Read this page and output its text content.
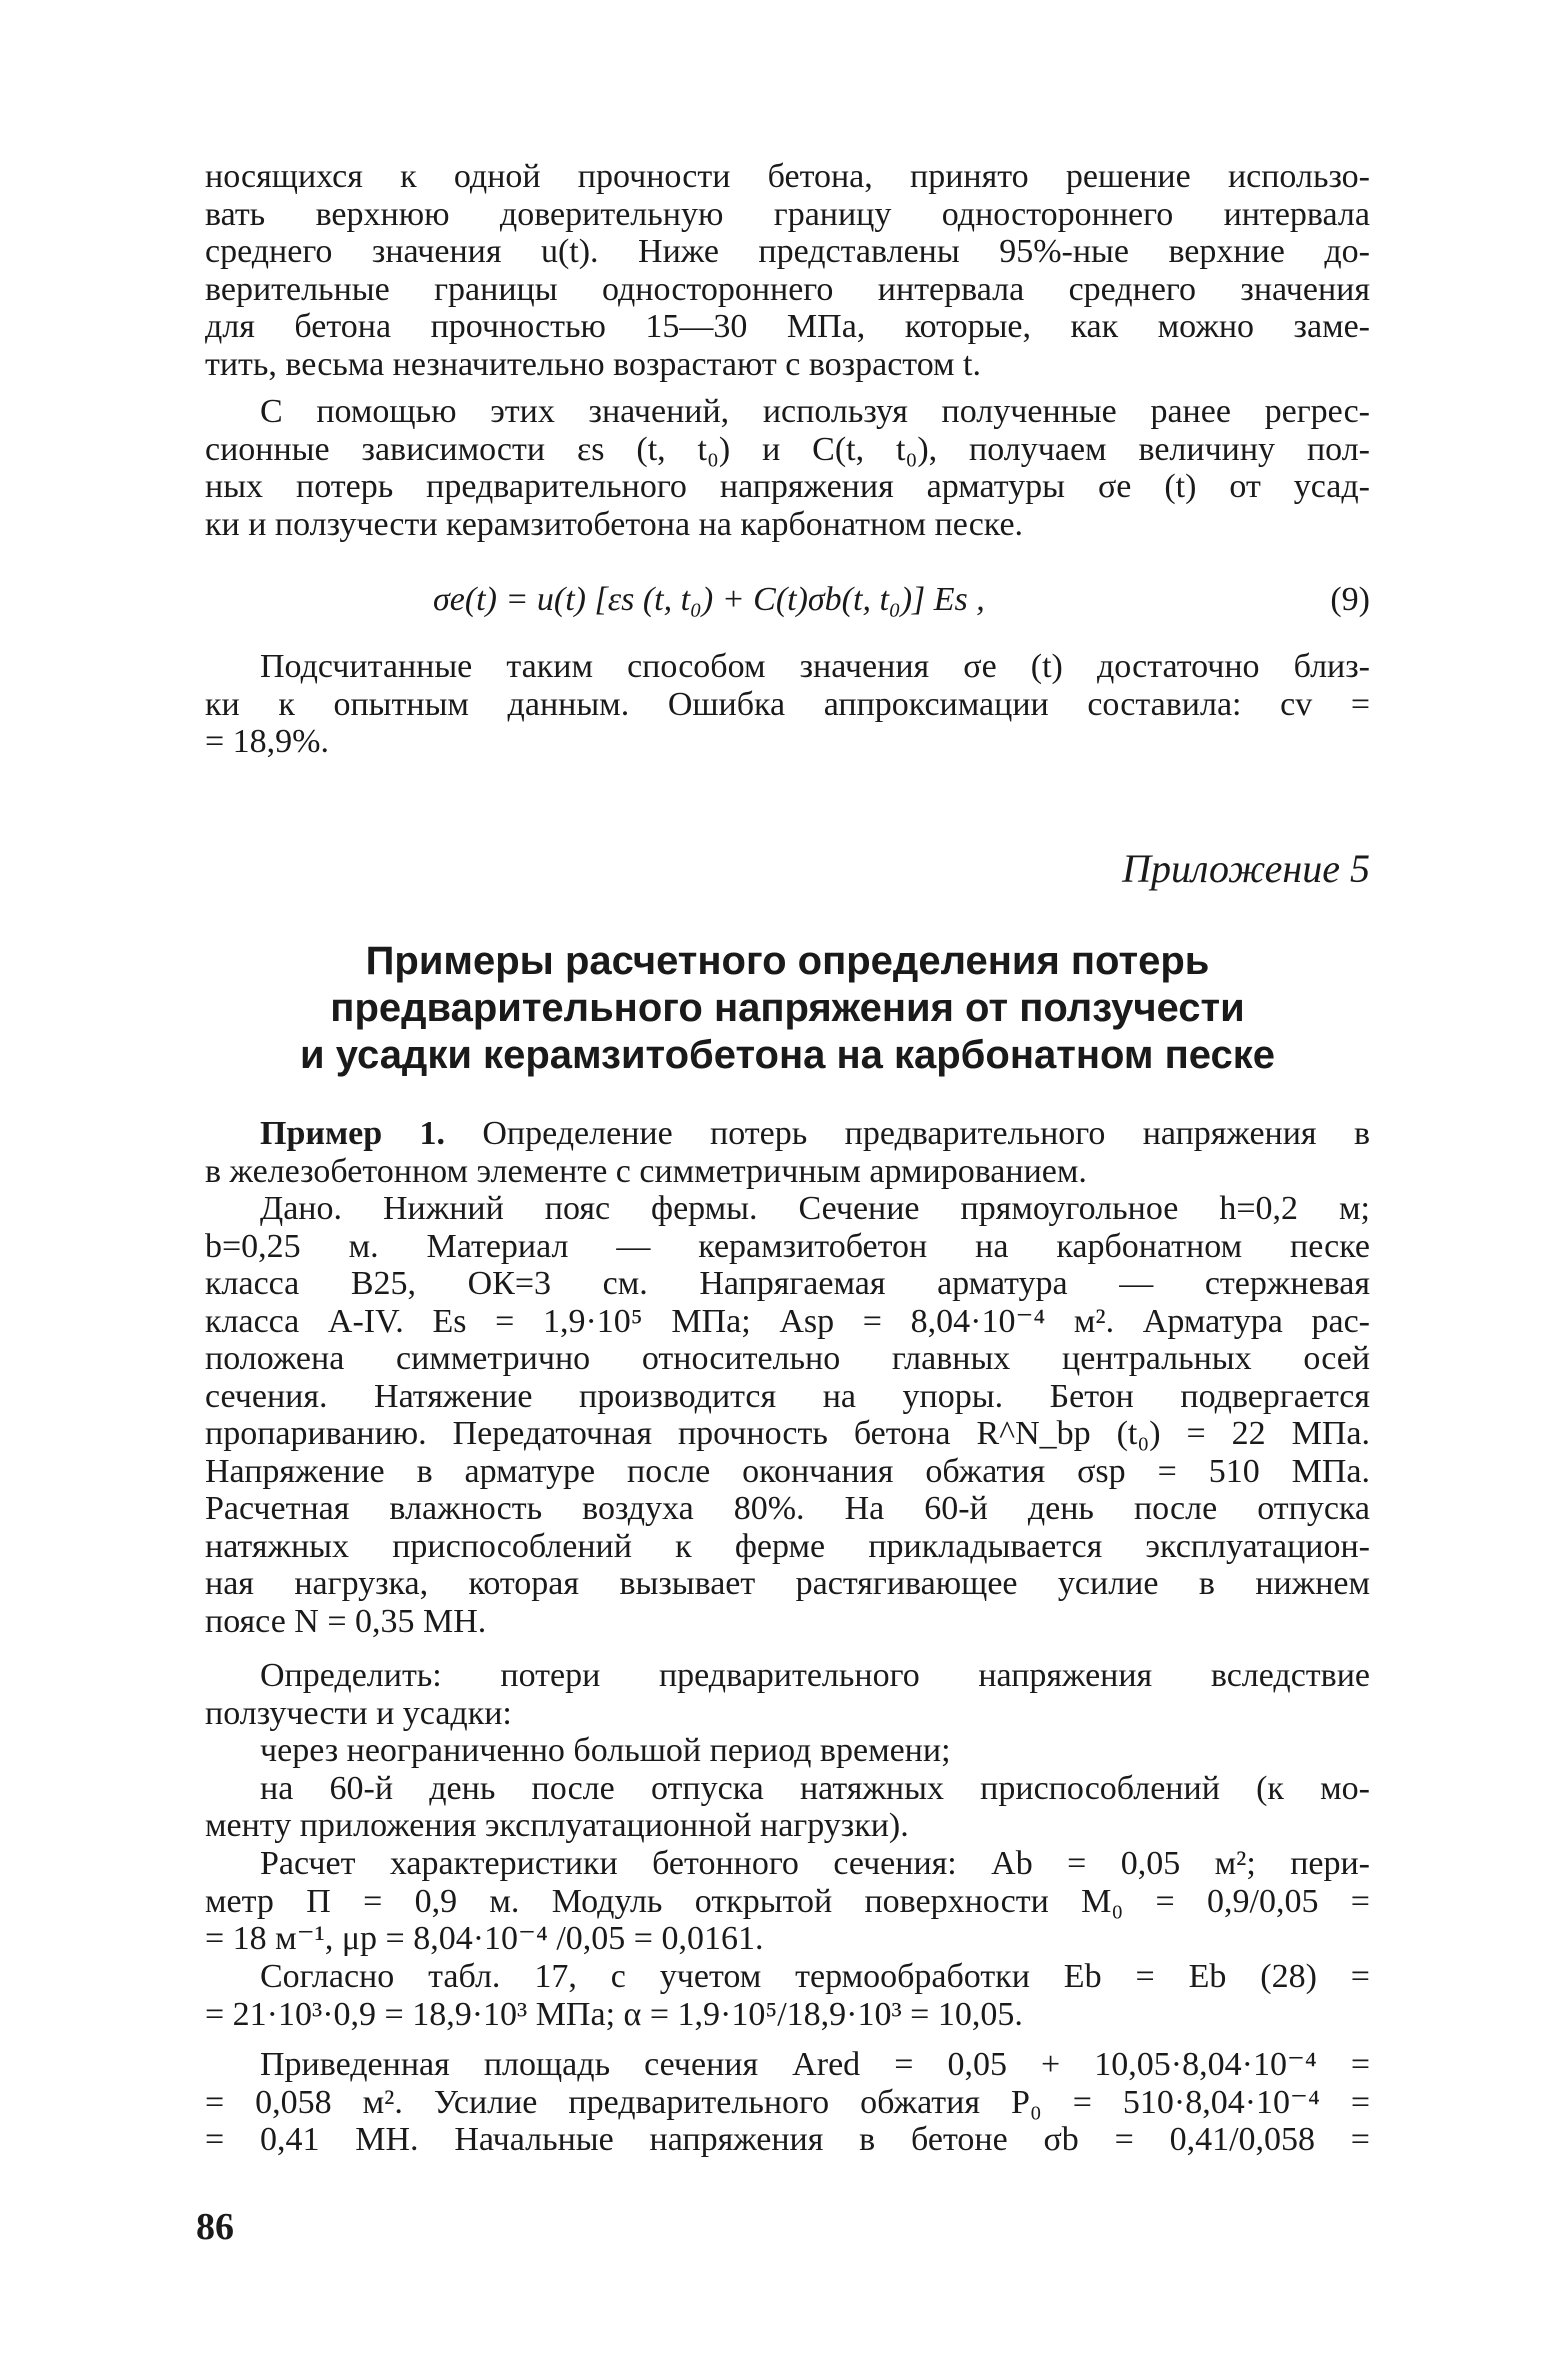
носящихся к одной прочности бетона, принято решение использо-
вать верхнюю доверительную границу одностороннего интервала
среднего значения u(t). Ниже представлены 95%-ные верхние до-
верительные границы одностороннего интервала среднего значения
для бетона прочностью 15—30 МПа, которые, как можно заме-
тить, весьма незначительно возрастают с возрастом t.
С помощью этих значений, используя полученные ранее регрес-
сионные зависимости εs (t, t₀) и C(t, t₀), получаем величину пол-
ных потерь предварительного напряжения арматуры σe (t) от усад-
ки и ползучести керамзитобетона на карбонатном песке.
σe(t) = u(t) [εs (t, t₀) + C(t)σb(t, t₀)] Es ,	(9)
Подсчитанные таким способом значения σe (t) достаточно близ-
ки к опытным данным. Ошибка аппроксимации составила: cv =
= 18,9%.
Приложение 5
Примеры расчетного определения потерь
предварительного напряжения от ползучести
и усадки керамзитобетона на карбонатном песке
Пример 1. Определение потерь предварительного напряжения в
в железобетонном элементе с симметричным армированием.
Дано. Нижний пояс фермы. Сечение прямоугольное h=0,2 м;
b=0,25 м. Материал — керамзитобетон на карбонатном песке
класса В25, ОК=3 см. Напрягаемая арматура — стержневая
класса А-IV. Es = 1,9·10⁵ МПа; Asp = 8,04·10⁻⁴ м². Арматура рас-
положена симметрично относительно главных центральных осей
сечения. Натяжение производится на упоры. Бетон подвергается
пропариванию. Передаточная прочность бетона R^N_bp (t₀) = 22 МПа.
Напряжение в арматуре после окончания обжатия σsp = 510 МПа.
Расчетная влажность воздуха 80%. На 60-й день после отпуска
натяжных приспособлений к ферме прикладывается эксплуатацион-
ная нагрузка, которая вызывает растягивающее усилие в нижнем
поясе N = 0,35 МН.
Определить: потери предварительного напряжения вследствие
ползучести и усадки:
через неограниченно большой период времени;
на 60-й день после отпуска натяжных приспособлений (к мо-
менту приложения эксплуатационной нагрузки).
Расчет характеристики бетонного сечения: Ab = 0,05 м²; пери-
метр П = 0,9 м. Модуль открытой поверхности M₀ = 0,9/0,05 =
= 18 м⁻¹, μp = 8,04·10⁻⁴ /0,05 = 0,0161.
Согласно табл. 17, с учетом термообработки Eb = Eb (28) =
= 21·10³·0,9 = 18,9·10³ МПа; α = 1,9·10⁵/18,9·10³ = 10,05.
Приведенная площадь сечения Ared = 0,05 + 10,05·8,04·10⁻⁴ =
= 0,058 м². Усилие предварительного обжатия P₀ = 510·8,04·10⁻⁴ =
= 0,41 МН. Начальные напряжения в бетоне σb = 0,41/0,058 =
86
